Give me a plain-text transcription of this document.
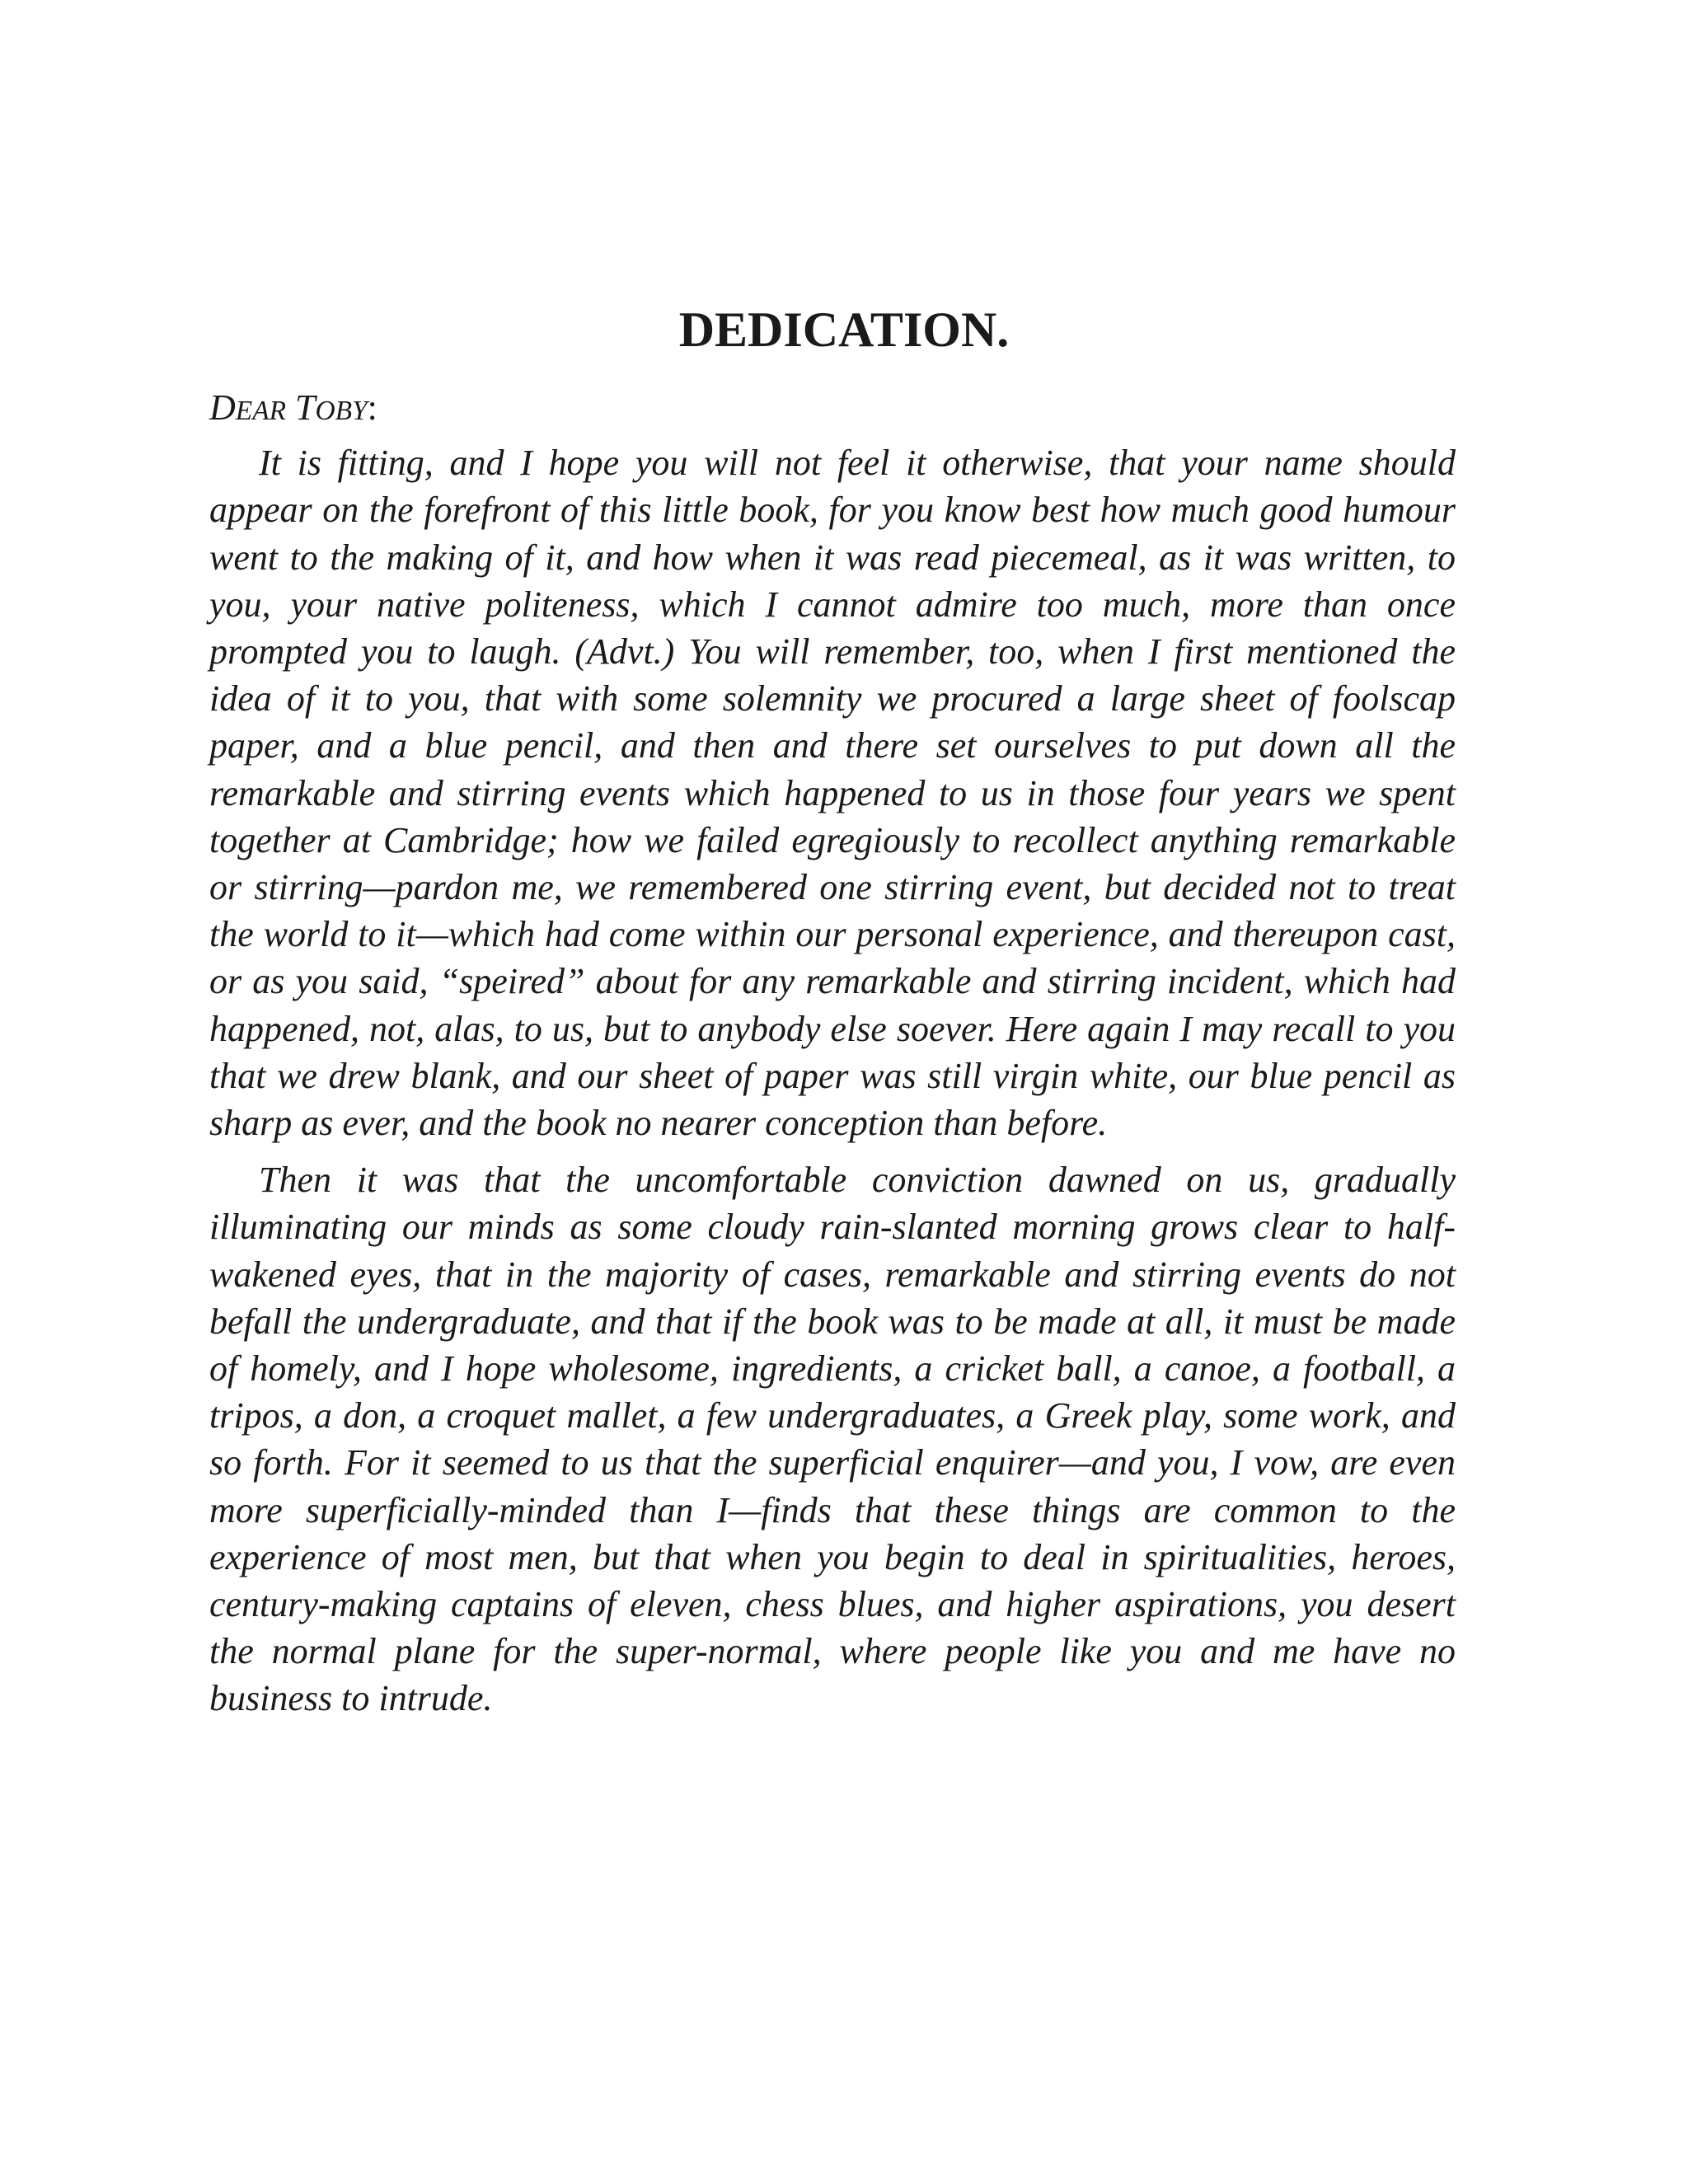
DEDICATION.
DEAR TOBY:

It is fitting, and I hope you will not feel it otherwise, that your name should appear on the forefront of this little book, for you know best how much good humour went to the making of it, and how when it was read piecemeal, as it was written, to you, your native politeness, which I cannot admire too much, more than once prompted you to laugh. (Advt.) You will remember, too, when I first mentioned the idea of it to you, that with some solemnity we procured a large sheet of foolscap paper, and a blue pencil, and then and there set ourselves to put down all the remarkable and stirring events which happened to us in those four years we spent together at Cambridge; how we failed egregiously to recollect anything remarkable or stirring—pardon me, we remembered one stirring event, but decided not to treat the world to it—which had come within our personal experience, and thereupon cast, or as you said, “speired” about for any remarkable and stirring incident, which had happened, not, alas, to us, but to anybody else soever. Here again I may recall to you that we drew blank, and our sheet of paper was still virgin white, our blue pencil as sharp as ever, and the book no nearer conception than before.

Then it was that the uncomfortable conviction dawned on us, gradually illuminating our minds as some cloudy rain-slanted morning grows clear to half-wakened eyes, that in the majority of cases, remarkable and stirring events do not befall the undergraduate, and that if the book was to be made at all, it must be made of homely, and I hope wholesome, ingredients, a cricket ball, a canoe, a football, a tripos, a don, a croquet mallet, a few undergraduates, a Greek play, some work, and so forth. For it seemed to us that the superficial enquirer—and you, I vow, are even more superficially-minded than I—finds that these things are common to the experience of most men, but that when you begin to deal in spiritualities, heroes, century-making captains of eleven, chess blues, and higher aspirations, you desert the normal plane for the super-normal, where people like you and me have no business to intrude.
